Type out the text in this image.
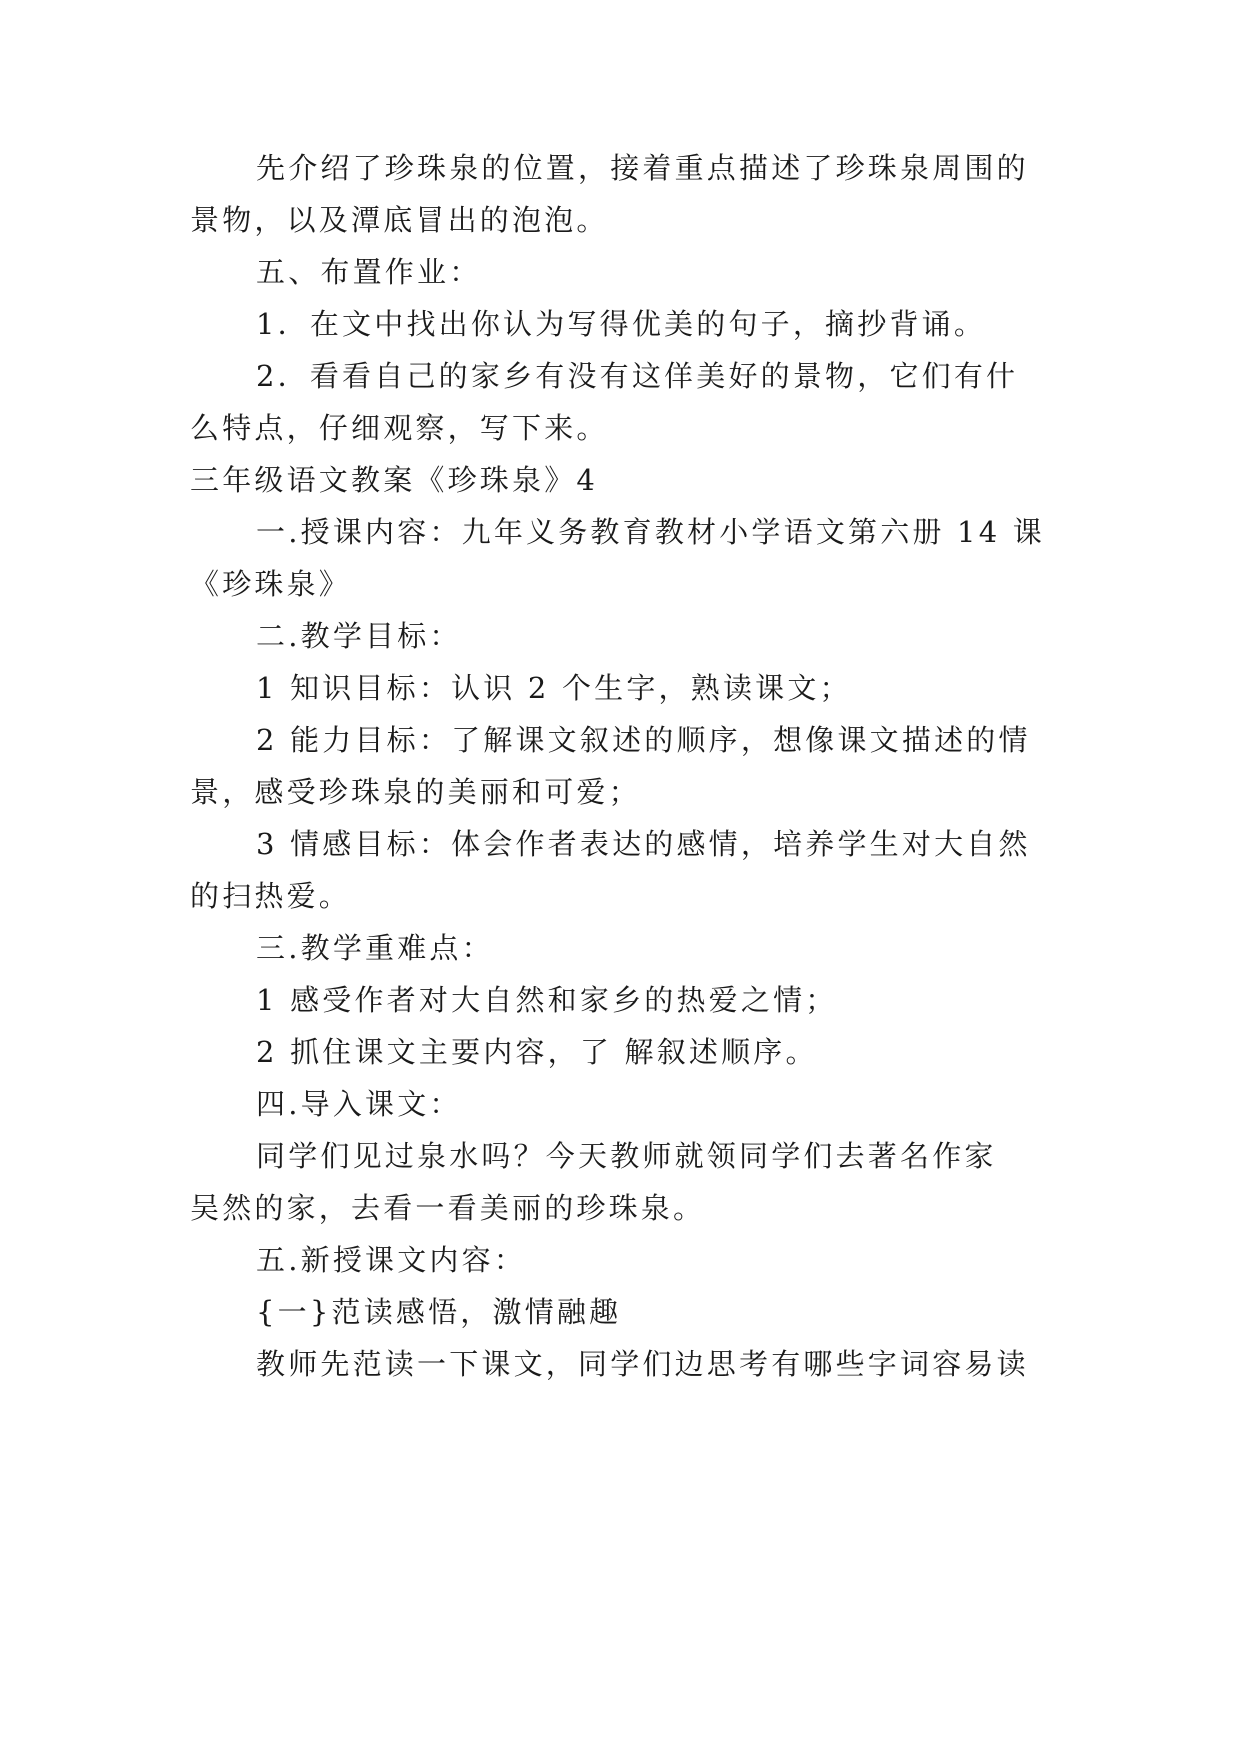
先介绍了珍珠泉的位置，接着重点描述了珍珠泉周围的
景物，以及潭底冒出的泡泡。
五、布置作业：
1．在文中找出你认为写得优美的句子，摘抄背诵。
2．看看自己的家乡有没有这佯美好的景物，它们有什
么特点，仔细观察，写下来。
三年级语文教案《珍珠泉》4
一.授课内容：九年义务教育教材小学语文第六册 14 课
《珍珠泉》
二.教学目标：
1 知识目标：认识 2 个生字，熟读课文；
2 能力目标：了解课文叙述的顺序，想像课文描述的情
景，感受珍珠泉的美丽和可爱；
3 情感目标：体会作者表达的感情，培养学生对大自然
的扫热爱。
三.教学重难点：
1 感受作者对大自然和家乡的热爱之情；
2 抓住课文主要内容，了 解叙述顺序。
四.导入课文：
同学们见过泉水吗？今天教师就领同学们去著名作家
吴然的家，去看一看美丽的珍珠泉。
五.新授课文内容：
{一}范读感悟，激情融趣
教师先范读一下课文，同学们边思考有哪些字词容易读
